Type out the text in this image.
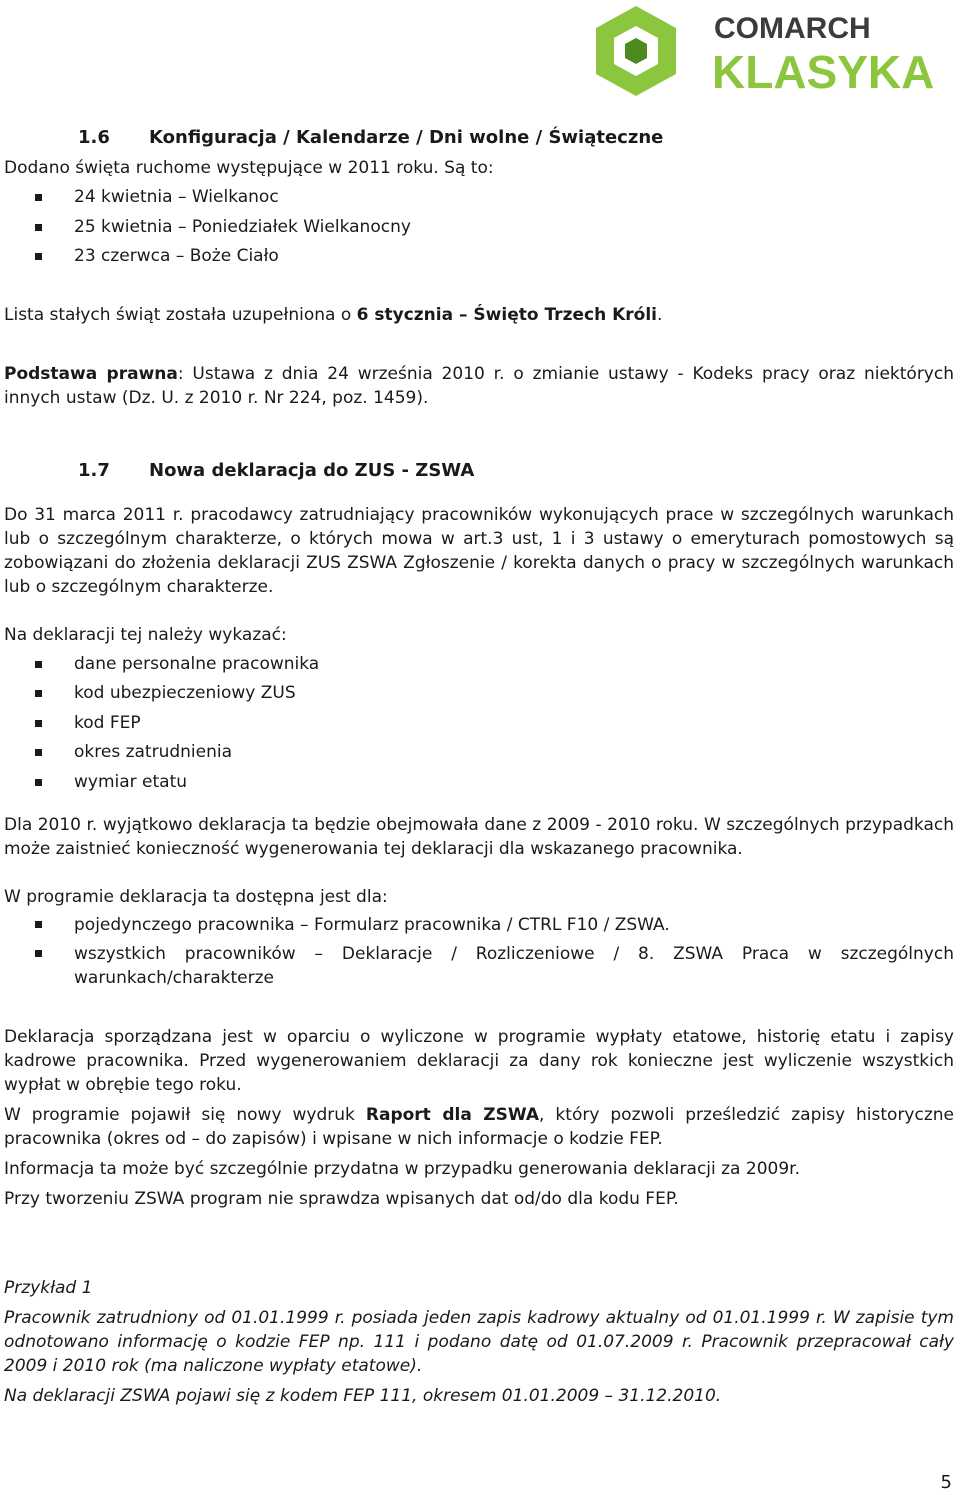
COMARCH
KLASYKA
1.6 Konfiguracja / Kalendarze / Dni wolne / Świąteczne

Dodano święta ruchome występujące w 2011 roku. Są to:

24 kwietnia – Wielkanoc
25 kwietnia – Poniedziałek Wielkanocny
23 czerwca – Boże Ciało

Lista stałych świąt została uzupełniona o 6 stycznia – Święto Trzech Króli.

Podstawa prawna: Ustawa z dnia 24 września 2010 r. o zmianie ustawy - Kodeks pracy oraz niektórych innych ustaw (Dz. U. z 2010 r. Nr 224, poz. 1459).

1.7 Nowa deklaracja do ZUS - ZSWA

Do 31 marca 2011 r. pracodawcy zatrudniający pracowników wykonujących prace w szczególnych warunkach lub o szczególnym charakterze, o których mowa w art.3 ust, 1 i 3 ustawy o emeryturach pomostowych są zobowiązani do złożenia deklaracji ZUS ZSWA Zgłoszenie / korekta danych o pracy w szczególnych warunkach lub o szczególnym charakterze.

Na deklaracji tej należy wykazać:

dane personalne pracownika
kod ubezpieczeniowy ZUS
kod FEP
okres zatrudnienia
wymiar etatu

Dla 2010 r. wyjątkowo deklaracja ta będzie obejmowała dane z 2009 - 2010 roku. W szczególnych przypadkach może zaistnieć konieczność wygenerowania tej deklaracji dla wskazanego pracownika.

W programie deklaracja ta dostępna jest dla:

pojedynczego pracownika – Formularz pracownika / CTRL F10 / ZSWA.
wszystkich pracowników – Deklaracje / Rozliczeniowe / 8. ZSWA Praca w szczególnych warunkach/charakterze

Deklaracja sporządzana jest w oparciu o wyliczone w programie wypłaty etatowe, historię etatu i zapisy kadrowe pracownika. Przed wygenerowaniem deklaracji za dany rok konieczne jest wyliczenie wszystkich wypłat w obrębie tego roku.

W programie pojawił się nowy wydruk Raport dla ZSWA, który pozwoli prześledzić zapisy historyczne pracownika (okres od – do zapisów) i wpisane w nich informacje o kodzie FEP.

Informacja ta może być szczególnie przydatna w przypadku generowania deklaracji za 2009r.

Przy tworzeniu ZSWA program nie sprawdza wpisanych dat od/do dla kodu FEP.

Przykład 1

Pracownik zatrudniony od 01.01.1999 r. posiada jeden zapis kadrowy aktualny od 01.01.1999 r. W zapisie tym odnotowano informację o kodzie FEP np. 111 i podano datę od 01.07.2009 r. Pracownik przepracował cały 2009 i 2010 rok (ma naliczone wypłaty etatowe).

Na deklaracji ZSWA pojawi się z kodem FEP 111, okresem 01.01.2009 – 31.12.2010.

5
